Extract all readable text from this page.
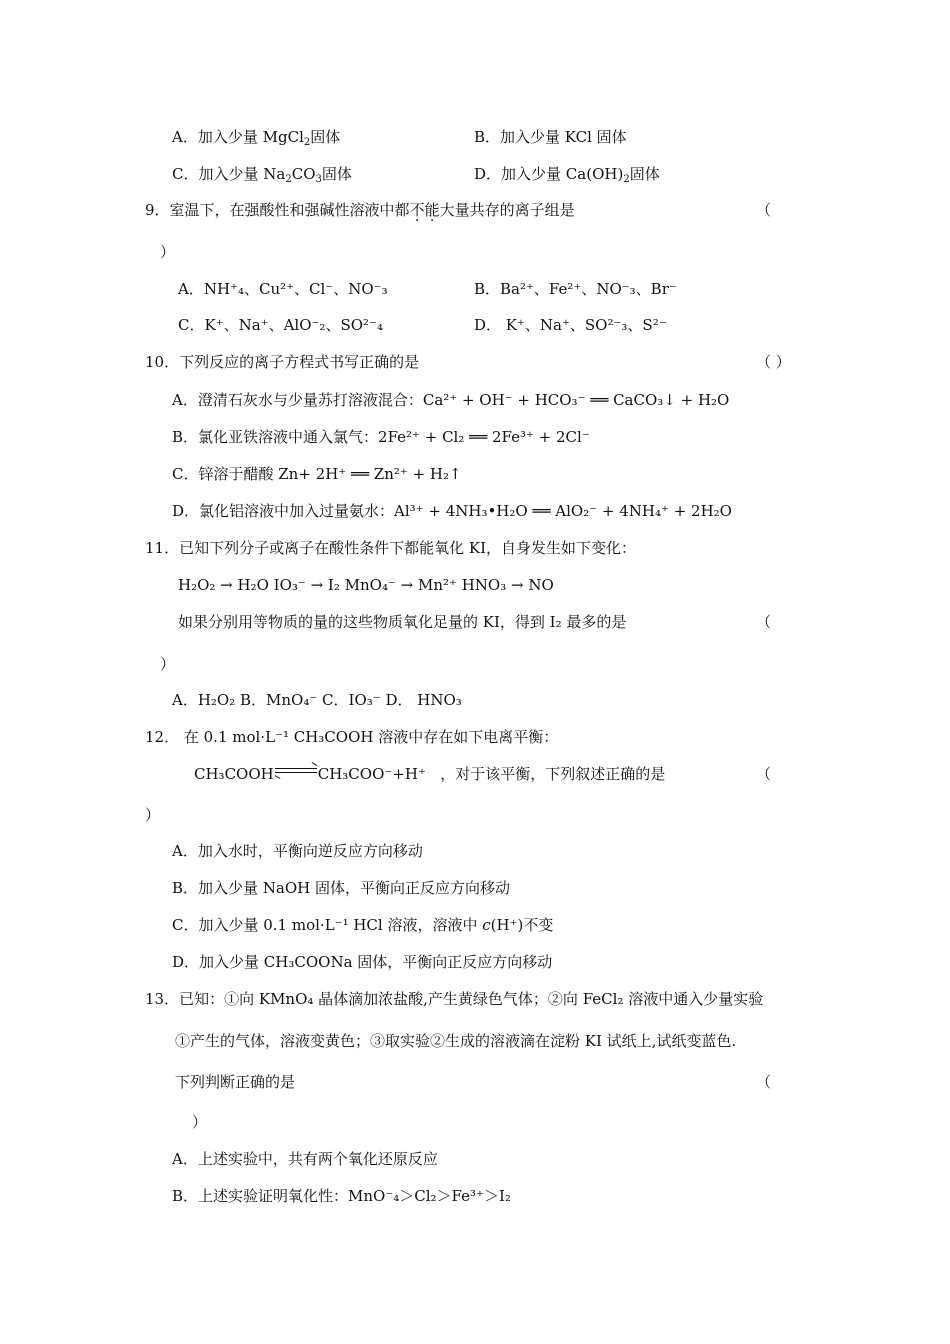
A．加入少量 MgCl$_2$固体	B．加入少量 KCl 固体
C．加入少量 $Na_2CO_3$固体	D．加入少量 $Ca(OH)_2$固体
9．室温下，在强酸性和强碱性溶液中都不能大量共存的离子组是	（
）
A．NH⁺₄、Cu²⁺、Cl⁻、NO⁻₃	B．Ba²⁺、Fe²⁺、NO⁻₃、Br⁻
C．K⁺、Na⁺、AlO⁻₂、SO²⁻₄	D． K⁺、Na⁺、SO²⁻₃、S²⁻
10．下列反应的离子方程式书写正确的是	（ ）
A．澄清石灰水与少量苏打溶液混合：Ca²⁺ + OH⁻ + HCO₃⁻ ══ CaCO₃↓ + H₂O
B．氯化亚铁溶液中通入氯气：2Fe²⁺ + Cl₂ ══ 2Fe³⁺ + 2Cl⁻
C．锌溶于醋酸 Zn+ 2H⁺ ══ Zn²⁺ + H₂↑
D．氯化铝溶液中加入过量氨水：Al³⁺ + 4NH₃•H₂O ══ AlO₂⁻ + 4NH₄⁺ + 2H₂O
11．已知下列分子或离子在酸性条件下都能氧化 KI，自身发生如下变化：
H₂O₂ → H₂O IO₃⁻ → I₂ MnO₄⁻ → Mn²⁺ HNO₃ → NO
如果分别用等物质的量的这些物质氧化足量的 KI，得到 I₂ 最多的是	（
）
A．H₂O₂ B．MnO₄⁻ C．IO₃⁻ D． HNO₃
12． 在 0.1 mol·L⁻¹ CH₃COOH 溶液中存在如下电离平衡：
CH₃COOH	CH₃COO⁻+H⁺ ，对于该平衡，下列叙述正确的是	（
）
A．加入水时，平衡向逆反应方向移动
B．加入少量 NaOH 固体，平衡向正反应方向移动
C．加入少量 0.1 mol·L⁻¹ HCl 溶液，溶液中 c(H⁺)不变
D．加入少量 CH₃COONa 固体，平衡向正反应方向移动
13．已知：①向 KMnO₄ 晶体滴加浓盐酸,产生黄绿色气体；②向 FeCl₂ 溶液中通入少量实验
①产生的气体，溶液变黄色；③取实验②生成的溶液滴在淀粉 KI 试纸上,试纸变蓝色.
下列判断正确的是	（
）
A．上述实验中，共有两个氧化还原反应
B．上述实验证明氧化性：MnO⁻₄＞Cl₂＞Fe³⁺＞I₂
